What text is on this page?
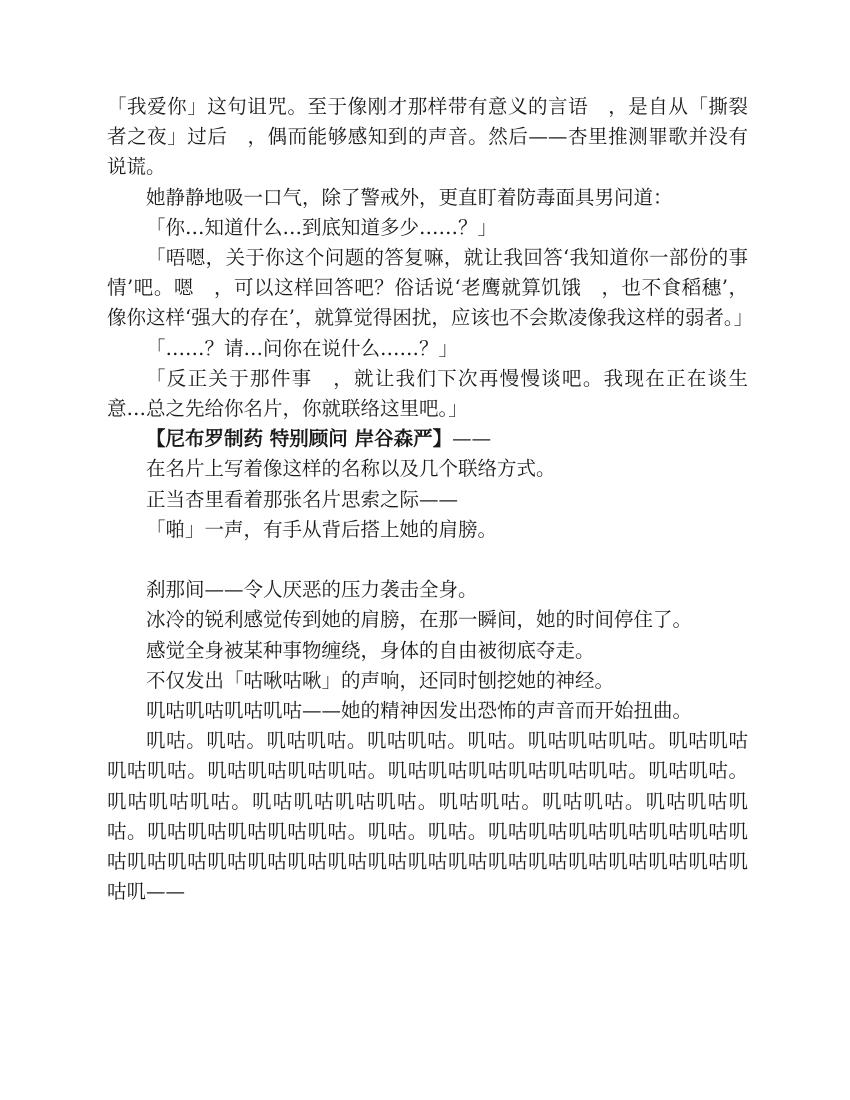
「我爱你」这句诅咒。至于像刚才那样带有意义的言语　，是自从「撕裂者之夜」过后　，偶而能够感知到的声音。然后——杏里推测罪歌并没有说谎。

她静静地吸一口气，除了警戒外，更直盯着防毒面具男问道：

「你…知道什么…到底知道多少……？」

「唔嗯，关于你这个问题的答复嘛，就让我回答‘我知道你一部份的事情’吧。嗯　，可以这样回答吧？俗话说‘老鹰就算饥饿　，也不食稻穗’，像你这样‘强大的存在’，就算觉得困扰，应该也不会欺凌像我这样的弱者。」

「……？请…问你在说什么……？」

「反正关于那件事　，就让我们下次再慢慢谈吧。我现在正在谈生意…总之先给你名片，你就联络这里吧。」

【尼布罗制药 特别顾问 岸谷森严】——

在名片上写着像这样的名称以及几个联络方式。

正当杏里看着那张名片思索之际——

「啪」一声，有手从背后搭上她的肩膀。

刹那间——令人厌恶的压力袭击全身。

冰冷的锐利感觉传到她的肩膀，在那一瞬间，她的时间停住了。

感觉全身被某种事物缠绕，身体的自由被彻底夺走。

不仅发出「咕啾咕啾」的声响，还同时刨挖她的神经。

叽咕叽咕叽咕叽咕——她的精神因发出恐怖的声音而开始扭曲。

叽咕。叽咕。叽咕叽咕。叽咕叽咕。叽咕。叽咕叽咕叽咕。叽咕叽咕叽咕叽咕。叽咕叽咕叽咕叽咕。叽咕叽咕叽咕叽咕叽咕叽咕。叽咕叽咕。叽咕叽咕叽咕。叽咕叽咕叽咕叽咕。叽咕叽咕。叽咕叽咕。叽咕叽咕叽咕。叽咕叽咕叽咕叽咕叽咕。叽咕。叽咕。叽咕叽咕叽咕叽咕叽咕叽咕叽咕叽咕叽咕叽咕叽咕叽咕叽咕叽咕叽咕叽咕叽咕叽咕叽咕叽咕叽咕叽咕叽咕叽——
